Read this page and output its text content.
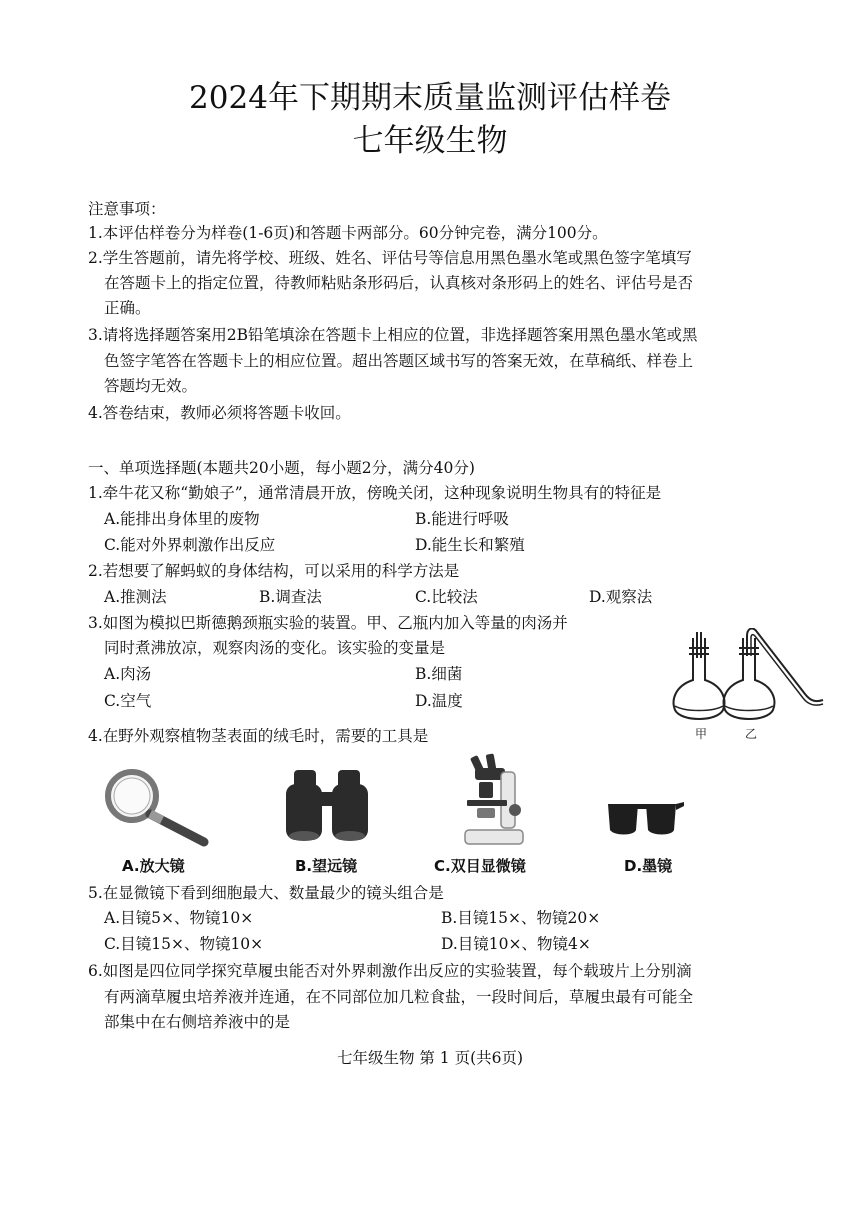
2024年下期期末质量监测评估样卷
七年级生物
注意事项：
1.本评估样卷分为样卷(1-6页)和答题卡两部分。60分钟完卷，满分100分。
2.学生答题前，请先将学校、班级、姓名、评估号等信息用黑色墨水笔或黑色签字笔填写
在答题卡上的指定位置，待教师粘贴条形码后，认真核对条形码上的姓名、评估号是否
正确。
3.请将选择题答案用2B铅笔填涂在答题卡上相应的位置，非选择题答案用黑色墨水笔或黑
色签字笔答在答题卡上的相应位置。超出答题区域书写的答案无效，在草稿纸、样卷上
答题均无效。
4.答卷结束，教师必须将答题卡收回。
一、单项选择题(本题共20小题，每小题2分，满分40分)
1.牵牛花又称“勤娘子”，通常清晨开放，傍晚关闭，这种现象说明生物具有的特征是
A.能排出身体里的废物	B.能进行呼吸
C.能对外界刺激作出反应	D.能生长和繁殖
2.若想要了解蚂蚁的身体结构，可以采用的科学方法是
A.推测法	B.调查法	C.比较法	D.观察法
3.如图为模拟巴斯德鹅颈瓶实验的装置。甲、乙瓶内加入等量的肉汤并
同时煮沸放凉，观察肉汤的变化。该实验的变量是
A.肉汤	B.细菌
C.空气	D.温度
甲	乙
4.在野外观察植物茎表面的绒毛时，需要的工具是
A.放大镜	B.望远镜	C.双目显微镜	D.墨镜
5.在显微镜下看到细胞最大、数量最少的镜头组合是
A.目镜5×、物镜10×	B.目镜15×、物镜20×
C.目镜15×、物镜10×	D.目镜10×、物镜4×
6.如图是四位同学探究草履虫能否对外界刺激作出反应的实验装置，每个载玻片上分别滴
有两滴草履虫培养液并连通，在不同部位加几粒食盐，一段时间后，草履虫最有可能全
部集中在右侧培养液中的是
七年级生物 第 1 页(共6页)
